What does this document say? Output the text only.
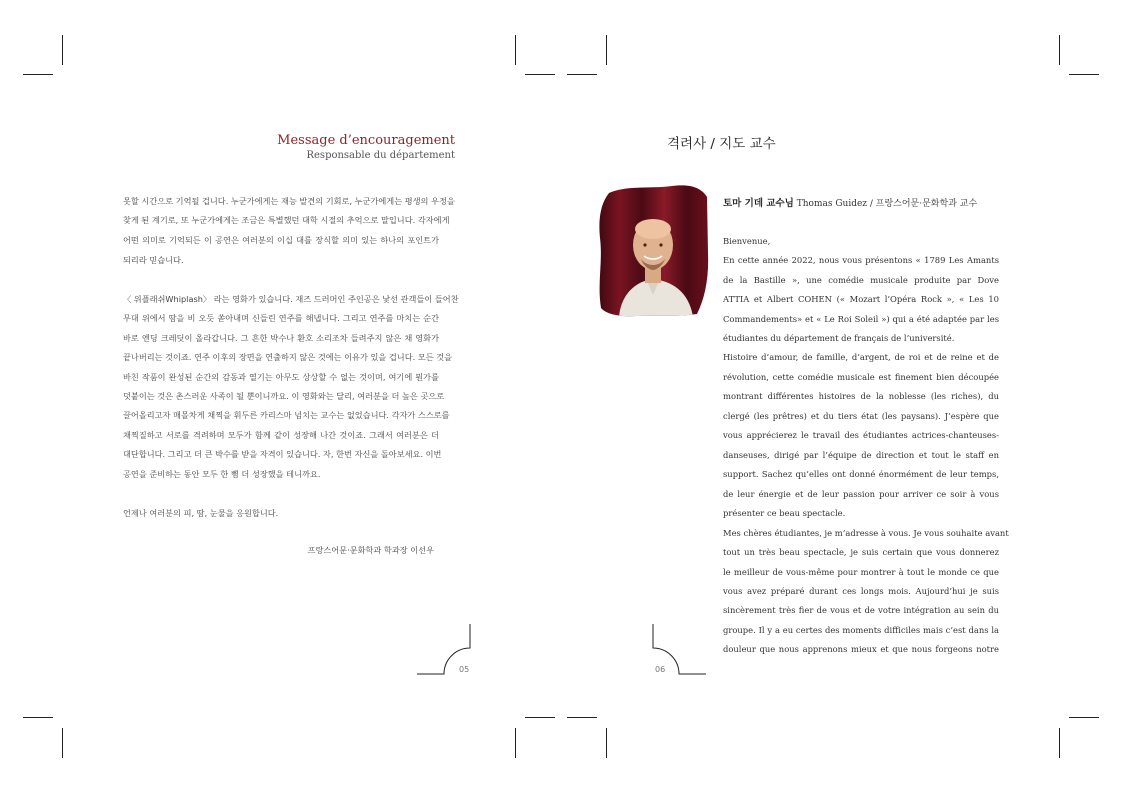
Message d’encouragement
Responsable du département
못할 시간으로 기억될 겁니다. 누군가에게는 재능 발견의 기회로, 누군가에게는 평생의 우정을
찾게 된 계기로, 또 누군가에게는 조금은 특별했던 대학 시절의 추억으로 말입니다. 각자에게
어떤 의미로 기억되든 이 공연은 여러분의 이십 대를 장식할 의미 있는 하나의 포인트가
되리라 믿습니다.
〈 위플래쉬Whiplash〉 라는 영화가 있습니다. 재즈 드러머인 주인공은 낯선 관객들이 들어찬
무대 위에서 땀을 비 오듯 쏟아내며 신들린 연주를 해냅니다. 그리고 연주를 마치는 순간
바로 엔딩 크레딧이 올라갑니다. 그 흔한 박수나 환호 소리조차 들려주지 않은 채 영화가
끝나버리는 것이죠. 연주 이후의 장면을 연출하지 않은 것에는 이유가 있을 겁니다. 모든 것을
바친 작품이 완성된 순간의 감동과 열기는 아무도 상상할 수 없는 것이며, 여기에 뭔가를
덧붙이는 것은 촌스러운 사족이 될 뿐이니까요. 이 영화와는 달리, 여러분을 더 높은 곳으로
끌어올리고자 매몰차게 채찍을 휘두른 카리스마 넘치는 교수는 없었습니다. 각자가 스스로를
채찍질하고 서로를 격려하며 모두가 함께 같이 성장해 나간 것이죠. 그래서 여러분은 더
대단합니다. 그리고 더 큰 박수를 받을 자격이 있습니다. 자, 한번 자신을 돌아보세요. 이번
공연을 준비하는 동안 모두 한 뼘 더 성장했을 테니까요.
언제나 여러분의 피, 땀, 눈물을 응원합니다.
프랑스어문·문화학과 학과장 이선우
05
격려사 / 지도 교수
토마 기데 교수님 Thomas Guidez / 프랑스어문·문화학과 교수
Bienvenue,
En cette année 2022, nous vous présentons « 1789 Les Amants
de la Bastille », une comédie musicale produite par Dove
ATTIA et Albert COHEN (« Mozart l’Opéra Rock », « Les 10
Commandements» et « Le Roi Soleil ») qui a été adaptée par les
étudiantes du département de français de l’université.
Histoire d’amour, de famille, d’argent, de roi et de reine et de
révolution, cette comédie musicale est finement bien découpée
montrant différentes histoires de la noblesse (les riches), du
clergé (les prêtres) et du tiers état (les paysans). J’espère que
vous apprécierez le travail des étudiantes actrices-chanteuses-
danseuses, dirigé par l’équipe de direction et tout le staff en
support. Sachez qu’elles ont donné énormément de leur temps,
de leur énergie et de leur passion pour arriver ce soir à vous
présenter ce beau spectacle.
Mes chères étudiantes, je m’adresse à vous. Je vous souhaite avant
tout un très beau spectacle, je suis certain que vous donnerez
le meilleur de vous-même pour montrer à tout le monde ce que
vous avez préparé durant ces longs mois. Aujourd’hui je suis
sincèrement très fier de vous et de votre intégration au sein du
groupe. Il y a eu certes des moments difficiles mais c’est dans la
douleur que nous apprenons mieux et que nous forgeons notre
06
